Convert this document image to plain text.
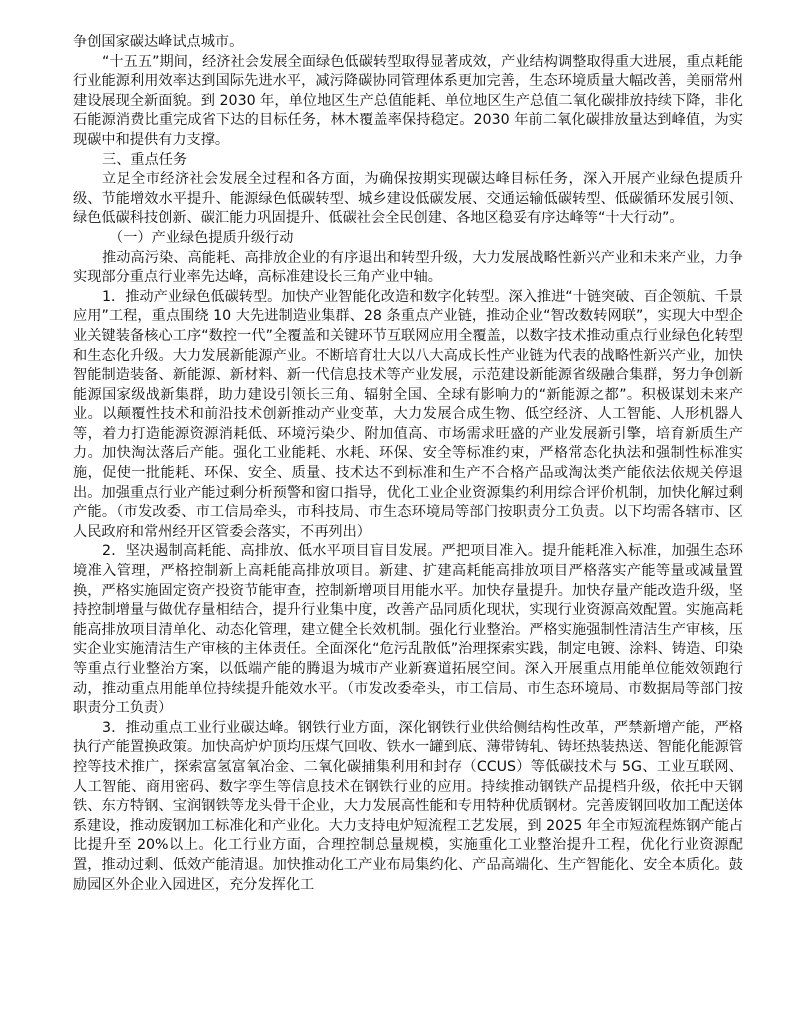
争创国家碳达峰试点城市。

“十五五”期间，经济社会发展全面绿色低碳转型取得显著成效，产业结构调整取得重大进展，重点耗能行业能源利用效率达到国际先进水平，减污降碳协同管理体系更加完善，生态环境质量大幅改善，美丽常州建设展现全新面貌。到 2030 年，单位地区生产总值能耗、单位地区生产总值二氧化碳排放持续下降，非化石能源消费比重完成省下达的目标任务，林木覆盖率保持稳定。2030 年前二氧化碳排放量达到峰值，为实现碳中和提供有力支撑。

三、重点任务

立足全市经济社会发展全过程和各方面，为确保按期实现碳达峰目标任务，深入开展产业绿色提质升级、节能增效水平提升、能源绿色低碳转型、城乡建设低碳发展、交通运输低碳转型、低碳循环发展引领、绿色低碳科技创新、碳汇能力巩固提升、低碳社会全民创建、各地区稳妥有序达峰等“十大行动”。

（一）产业绿色提质升级行动

推动高污染、高能耗、高排放企业的有序退出和转型升级，大力发展战略性新兴产业和未来产业，力争实现部分重点行业率先达峰，高标准建设长三角产业中轴。

1．推动产业绿色低碳转型。加快产业智能化改造和数字化转型。深入推进“十链突破、百企领航、千景应用”工程，重点围绕 10 大先进制造业集群、28 条重点产业链，推动企业“智改数转网联”，实现大中型企业关键装备核心工序“数控一代”全覆盖和关键环节互联网应用全覆盖，以数字技术推动重点行业绿色化转型和生态化升级。大力发展新能源产业。不断培育壮大以八大高成长性产业链为代表的战略性新兴产业，加快智能制造装备、新能源、新材料、新一代信息技术等产业发展，示范建设新能源省级融合集群，努力争创新能源国家级战新集群，助力建设引领长三角、辐射全国、全球有影响力的“新能源之都”。积极谋划未来产业。以颠覆性技术和前沿技术创新推动产业变革，大力发展合成生物、低空经济、人工智能、人形机器人等，着力打造能源资源消耗低、环境污染少、附加值高、市场需求旺盛的产业发展新引擎，培育新质生产力。加快淘汰落后产能。强化工业能耗、水耗、环保、安全等标准约束，严格常态化执法和强制性标准实施，促使一批能耗、环保、安全、质量、技术达不到标准和生产不合格产品或淘汰类产能依法依规关停退出。加强重点行业产能过剩分析预警和窗口指导，优化工业企业资源集约利用综合评价机制，加快化解过剩产能。（市发改委、市工信局牵头，市科技局、市生态环境局等部门按职责分工负责。以下均需各辖市、区人民政府和常州经开区管委会落实，不再列出）

2．坚决遏制高耗能、高排放、低水平项目盲目发展。严把项目准入。提升能耗准入标准，加强生态环境准入管理，严格控制新上高耗能高排放项目。新建、扩建高耗能高排放项目严格落实产能等量或减量置换，严格实施固定资产投资节能审查，控制新增项目用能水平。加快存量提升。加快存量产能改造升级，坚持控制增量与做优存量相结合，提升行业集中度，改善产品同质化现状，实现行业资源高效配置。实施高耗能高排放项目清单化、动态化管理，建立健全长效机制。强化行业整治。严格实施强制性清洁生产审核，压实企业实施清洁生产审核的主体责任。全面深化“危污乱散低”治理探索实践，制定电镀、涂料、铸造、印染等重点行业整治方案，以低端产能的腾退为城市产业新赛道拓展空间。深入开展重点用能单位能效领跑行动，推动重点用能单位持续提升能效水平。（市发改委牵头，市工信局、市生态环境局、市数据局等部门按职责分工负责）

3．推动重点工业行业碳达峰。钢铁行业方面，深化钢铁行业供给侧结构性改革，严禁新增产能，严格执行产能置换政策。加快高炉炉顶均压煤气回收、铁水一罐到底、薄带铸轧、铸坯热装热送、智能化能源管控等技术推广，探索富氢富氧冶金、二氧化碳捕集利用和封存（CCUS）等低碳技术与 5G、工业互联网、人工智能、商用密码、数字孪生等信息技术在钢铁行业的应用。持续推动钢铁产品提档升级，依托中天钢铁、东方特钢、宝润钢铁等龙头骨干企业，大力发展高性能和专用特种优质钢材。完善废钢回收加工配送体系建设，推动废钢加工标准化和产业化。大力支持电炉短流程工艺发展，到 2025 年全市短流程炼钢产能占比提升至 20%以上。化工行业方面，合理控制总量规模，实施重化工业整治提升工程，优化行业资源配置，推动过剩、低效产能清退。加快推动化工产业布局集约化、产品高端化、生产智能化、安全本质化。鼓励园区外企业入园进区，充分发挥化工
